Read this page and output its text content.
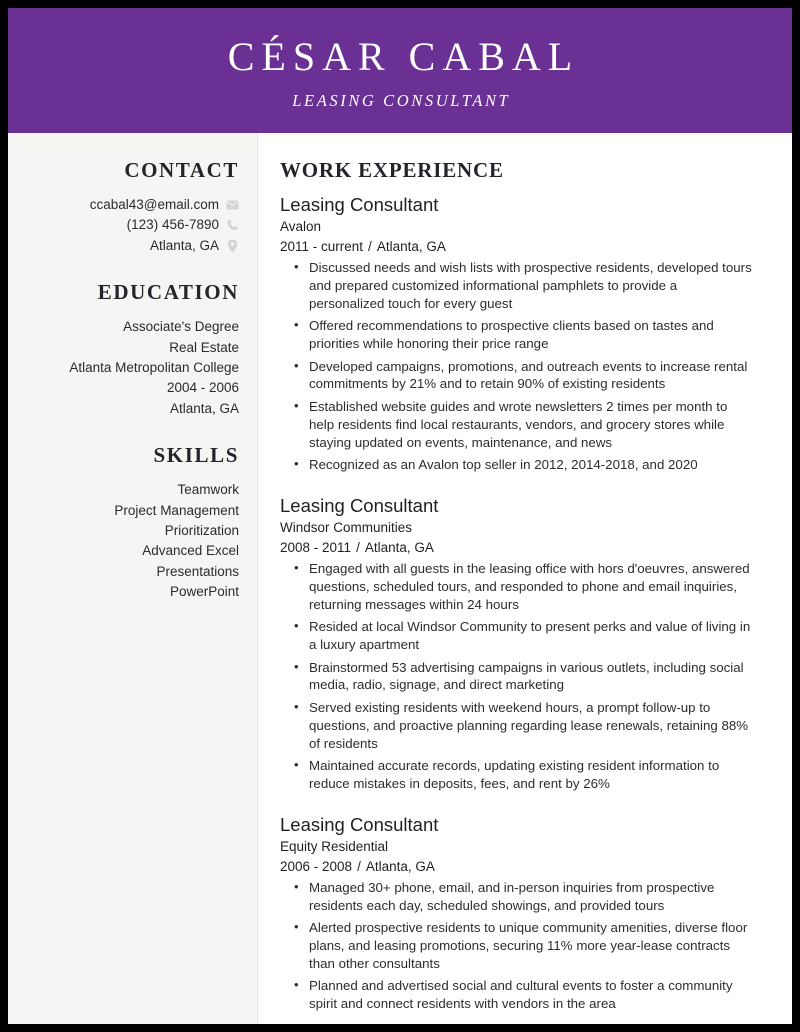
CÉSAR CABAL
LEASING CONSULTANT
CONTACT
ccabal43@email.com
(123) 456-7890
Atlanta, GA
EDUCATION
Associate's Degree
Real Estate
Atlanta Metropolitan College
2004 - 2006
Atlanta, GA
SKILLS
Teamwork
Project Management
Prioritization
Advanced Excel
Presentations
PowerPoint
WORK EXPERIENCE
Leasing Consultant
Avalon
2011 - current / Atlanta, GA
• Discussed needs and wish lists with prospective residents, developed tours and prepared customized informational pamphlets to provide a personalized touch for every guest
• Offered recommendations to prospective clients based on tastes and priorities while honoring their price range
• Developed campaigns, promotions, and outreach events to increase rental commitments by 21% and to retain 90% of existing residents
• Established website guides and wrote newsletters 2 times per month to help residents find local restaurants, vendors, and grocery stores while staying updated on events, maintenance, and news
• Recognized as an Avalon top seller in 2012, 2014-2018, and 2020
Leasing Consultant
Windsor Communities
2008 - 2011 / Atlanta, GA
• Engaged with all guests in the leasing office with hors d'oeuvres, answered questions, scheduled tours, and responded to phone and email inquiries, returning messages within 24 hours
• Resided at local Windsor Community to present perks and value of living in a luxury apartment
• Brainstormed 53 advertising campaigns in various outlets, including social media, radio, signage, and direct marketing
• Served existing residents with weekend hours, a prompt follow-up to questions, and proactive planning regarding lease renewals, retaining 88% of residents
• Maintained accurate records, updating existing resident information to reduce mistakes in deposits, fees, and rent by 26%
Leasing Consultant
Equity Residential
2006 - 2008 / Atlanta, GA
• Managed 30+ phone, email, and in-person inquiries from prospective residents each day, scheduled showings, and provided tours
• Alerted prospective residents to unique community amenities, diverse floor plans, and leasing promotions, securing 11% more year-lease contracts than other consultants
• Planned and advertised social and cultural events to foster a community spirit and connect residents with vendors in the area
